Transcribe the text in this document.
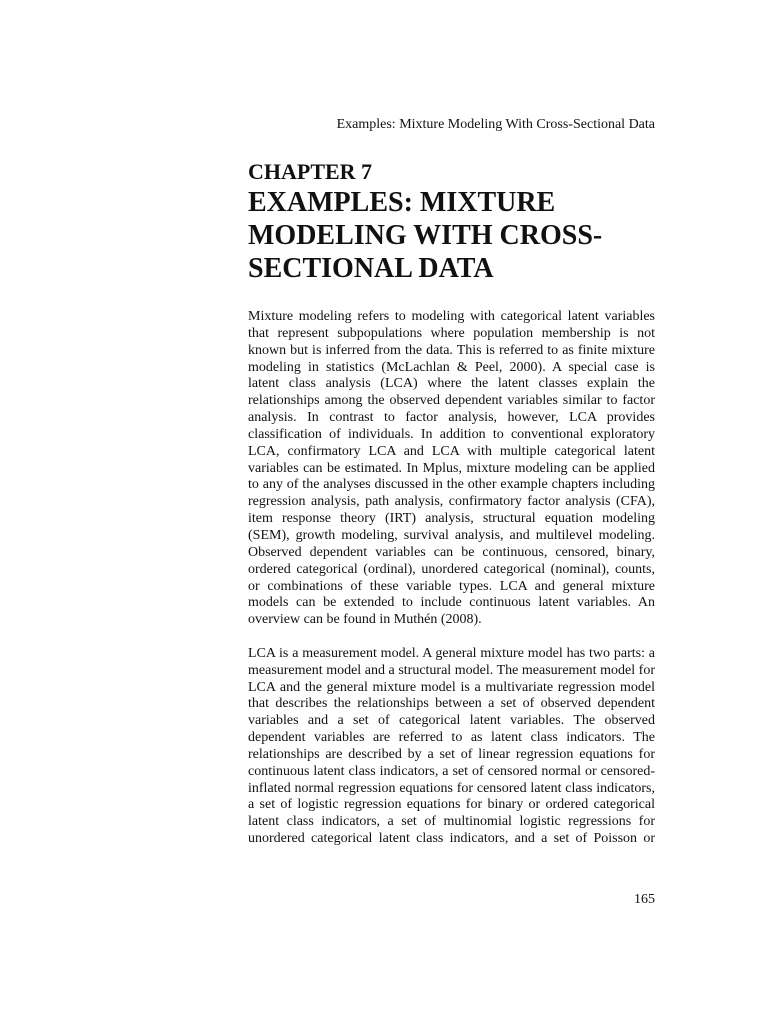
Examples: Mixture Modeling With Cross-Sectional Data
CHAPTER 7
EXAMPLES: MIXTURE
MODELING WITH CROSS-
SECTIONAL DATA

Mixture modeling refers to modeling with categorical latent variables
that represent subpopulations where population membership is not
known but is inferred from the data. This is referred to as finite mixture
modeling in statistics (McLachlan & Peel, 2000). A special case is
latent class analysis (LCA) where the latent classes explain the
relationships among the observed dependent variables similar to factor
analysis. In contrast to factor analysis, however, LCA provides
classification of individuals. In addition to conventional exploratory
LCA, confirmatory LCA and LCA with multiple categorical latent
variables can be estimated. In Mplus, mixture modeling can be applied
to any of the analyses discussed in the other example chapters including
regression analysis, path analysis, confirmatory factor analysis (CFA),
item response theory (IRT) analysis, structural equation modeling
(SEM), growth modeling, survival analysis, and multilevel modeling.
Observed dependent variables can be continuous, censored, binary,
ordered categorical (ordinal), unordered categorical (nominal), counts,
or combinations of these variable types. LCA and general mixture
models can be extended to include continuous latent variables. An
overview can be found in Muthén (2008).

LCA is a measurement model. A general mixture model has two parts: a
measurement model and a structural model. The measurement model for
LCA and the general mixture model is a multivariate regression model
that describes the relationships between a set of observed dependent
variables and a set of categorical latent variables. The observed
dependent variables are referred to as latent class indicators. The
relationships are described by a set of linear regression equations for
continuous latent class indicators, a set of censored normal or censored-
inflated normal regression equations for censored latent class indicators,
a set of logistic regression equations for binary or ordered categorical
latent class indicators, a set of multinomial logistic regressions for
unordered categorical latent class indicators, and a set of Poisson or

165
